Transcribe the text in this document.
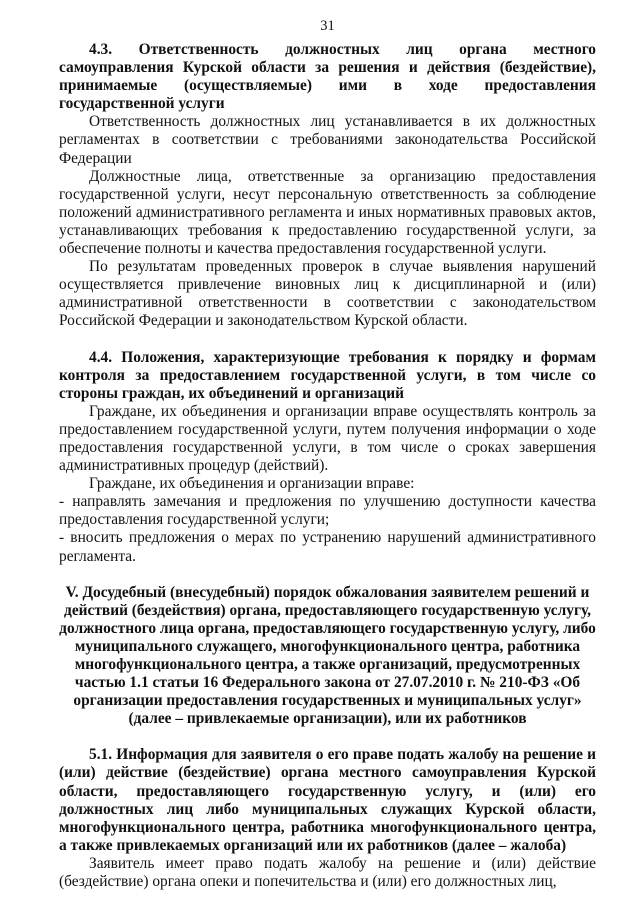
31

4.3. Ответственность должностных лиц органа местного самоуправления Курской области за решения и действия (бездействие), принимаемые (осуществляемые) ими в ходе предоставления государственной услуги

Ответственность должностных лиц устанавливается в их должностных регламентах в соответствии с требованиями законодательства Российской Федерации

Должностные лица, ответственные за организацию предоставления государственной услуги, несут персональную ответственность за соблюдение положений административного регламента и иных нормативных правовых актов, устанавливающих требования к предоставлению государственной услуги, за обеспечение полноты и качества предоставления государственной услуги.

По результатам проведенных проверок в случае выявления нарушений осуществляется привлечение виновных лиц к дисциплинарной и (или) административной ответственности в соответствии с законодательством Российской Федерации и законодательством Курской области.

4.4. Положения, характеризующие требования к порядку и формам контроля за предоставлением государственной услуги, в том числе со стороны граждан, их объединений и организаций

Граждане, их объединения и организации вправе осуществлять контроль за предоставлением государственной услуги, путем получения информации о ходе предоставления государственной услуги, в том числе о сроках завершения административных процедур (действий).

Граждане, их объединения и организации вправе:

- направлять замечания и предложения по улучшению доступности качества предоставления государственной услуги;

- вносить предложения о мерах по устранению нарушений административного регламента.

V. Досудебный (внесудебный) порядок обжалования заявителем решений и действий (бездействия) органа, предоставляющего государственную услугу, должностного лица органа, предоставляющего государственную услугу, либо муниципального служащего, многофункционального центра, работника многофункционального центра, а также организаций, предусмотренных частью 1.1 статьи 16 Федерального закона от 27.07.2010 г. № 210-ФЗ «Об организации предоставления государственных и муниципальных услуг» (далее – привлекаемые организации), или их работников

5.1. Информация для заявителя о его праве подать жалобу на решение и (или) действие (бездействие) органа местного самоуправления Курской области, предоставляющего государственную услугу, и (или) его должностных лиц либо муниципальных служащих Курской области, многофункционального центра, работника многофункционального центра, а также привлекаемых организаций или их работников (далее – жалоба)

Заявитель имеет право подать жалобу на решение и (или) действие (бездействие) органа опеки и попечительства и (или) его должностных лиц,
